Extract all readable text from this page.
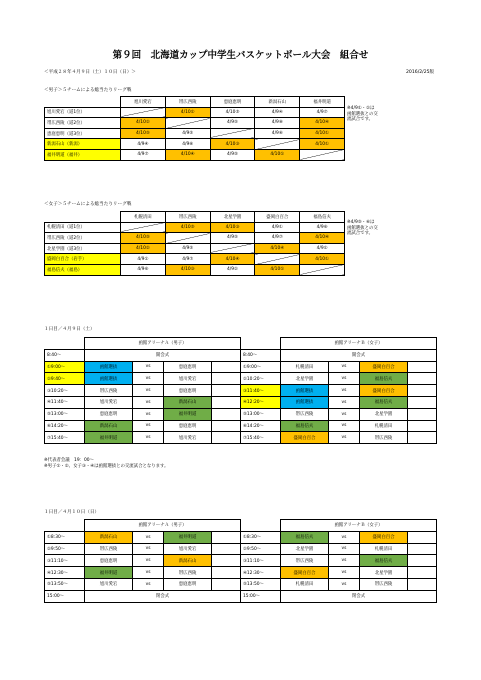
第９回　北海道カップ中学生バスケットボール大会　組合せ
＜平成２８年４月９日（土）１０日（日）＞	2016/2/25版
＜男子＞５チームによる総当たりリーグ戦
	旭川愛宕	帯広西陵	恵庭恵明	新潟石山	福井明道
旭川愛宕（道1位）		4/10②	4/10⑤	4/9④	4/9⑦
帯広西陵（道2位）	4/10②		4/9⑤	4/9⑧	4/10④
恵庭恵明（道3位）	4/10⑤	4/9⑤		4/9⑥	4/10①
新潟石山（新潟）	4/9④	4/9⑧	4/10③		4/10①
福井明道（福井）	4/9⑦	4/10④	4/9⑤	4/10①	
※4/9①・②は
函館選抜との交
流試合です。
＜女子＞５チームによる総当たりリーグ戦
	札幌清田	帯広西陵	北星学園	盛岡白百合	福島信夫
札幌清田（道1位）		4/10⑤	4/10③	4/9①	4/9⑥
帯広西陵（道2位）	4/10⑤		4/9⑤	4/9⑦	4/10④
北星学園（道3位）	4/10②	4/9⑤		4/10④	4/9②
盛岡白百合（岩手）	4/9①	4/9⑦	4/10④		4/10①
福島信夫（福島）	4/9⑥	4/10③	4/9②	4/10①	
※4/9⑤・⑥は
函館選抜との交
流試合です。
１日目／４月９日（土）
	函館アリーナＡ（男子）					函館アリーナＢ（女子）			
8:40～	開会式				8:40～	開会式			
①9:00～	函館選抜	vs	恵庭恵明		①9:00～	札幌清田	vs	盛岡白百合	
②9:40～	函館選抜	vs	旭川愛宕		②10:20～	北星学園	vs	福島信夫	
③10:20～	帯広西陵	vs	恵庭恵明		③11:40～	函館選抜	vs	盛岡白百合	
④11:40～	旭川愛宕	vs	新潟石山		④12:20～	函館選抜	vs	福島信夫	
⑤13:00～	恵庭恵明	vs	福井明道		⑤13:00～	帯広西陵	vs	北星学園	
⑥14:20～	新潟石山	vs	恵庭恵明		⑥14:20～	福島信夫	vs	札幌清田	
⑦15:40～	福井明道	vs	旭川愛宕		⑦15:40～	盛岡白百合	vs	帯広西陵	
※代表者会議　19：00～
※男子①・②、女子③・④は函館選抜との交流試合となります。
１日目／４月１０日（日）
	函館アリーナＡ（男子）					函館アリーナＢ（女子）			
①8:30～	新潟石山	vs	福井明道		①8:30～	福島信夫	vs	盛岡白百合	
②9:50～	帯広西陵	vs	旭川愛宕		②9:50～	北星学園	vs	札幌清田	
③11:10～	恵庭恵明	vs	新潟石山		③11:10～	帯広西陵	vs	福島信夫	
④12:30～	福井明道	vs	帯広西陵		④12:30～	盛岡白百合	vs	北星学園	
⑤13:50～	旭川愛宕	vs	恵庭恵明		⑤13:50～	札幌清田	vs	帯広西陵	
15:00～	閉会式				15:00～	閉会式			
